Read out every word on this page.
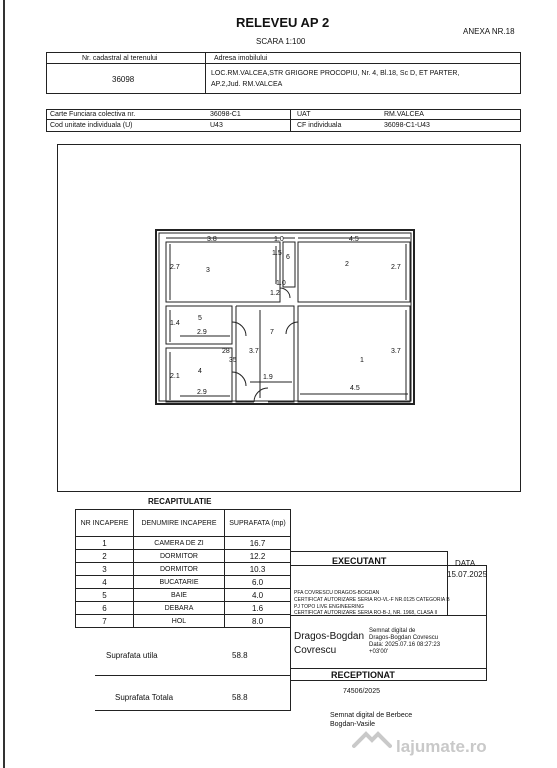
RELEVEU AP 2
ANEXA NR.18
SCARA 1:100
Nr. cadastral al terenului	Adresa imobilului
36098
LOC.RM.VALCEA,STR GRIGORE PROCOPIU, Nr. 4, Bl.18, Sc D, ET PARTER,
AP.2,Jud. RM.VALCEA
Carte Funciara colectiva nr.	36098-C1	UAT	RM.VALCEA
Cod unitate individuala (U)	U43	CF individuala	36098-C1-U43
3.8	1.0	4.5
2.7	2.7
1.5
1.2
1.0
1.4
2.9
28
35
3.7	3.7
2.1
2.9
1.9
4.5
3
2
6
5
7
1
4
RECAPITULATIE
NR INCAPERE	DENUMIRE INCAPERE	SUPRAFATA (mp)
1	CAMERA DE ZI	16.7
2	DORMITOR	12.2
3	DORMITOR	10.3
4	BUCATARIE	6.0
5	BAIE	4.0
6	DEBARA	1.6
7	HOL	8.0
Suprafata utila	58.8
Suprafata Totala	58.8
EXECUTANT	DATA
15.07.2025
PFA COVRESCU DRAGOS-BOGDAN
CERTIFICAT AUTORIZARE SERIA RO-VL-F NR.0125 CATEGORIA B
PJ TOPO LIVE ENGINEERING
CERTIFICAT AUTORIZARE SERIA RO-B-J, NR. 1968, CLASA II
Dragos-Bogdan
Covrescu
Semnat digital de
Dragos-Bogdan Covrescu
Data: 2025.07.16 08:27:23
+03'00'
RECEPTIONAT
74506/2025
Semnat digital de Berbece
Bogdan-Vasile
lajumate.ro
